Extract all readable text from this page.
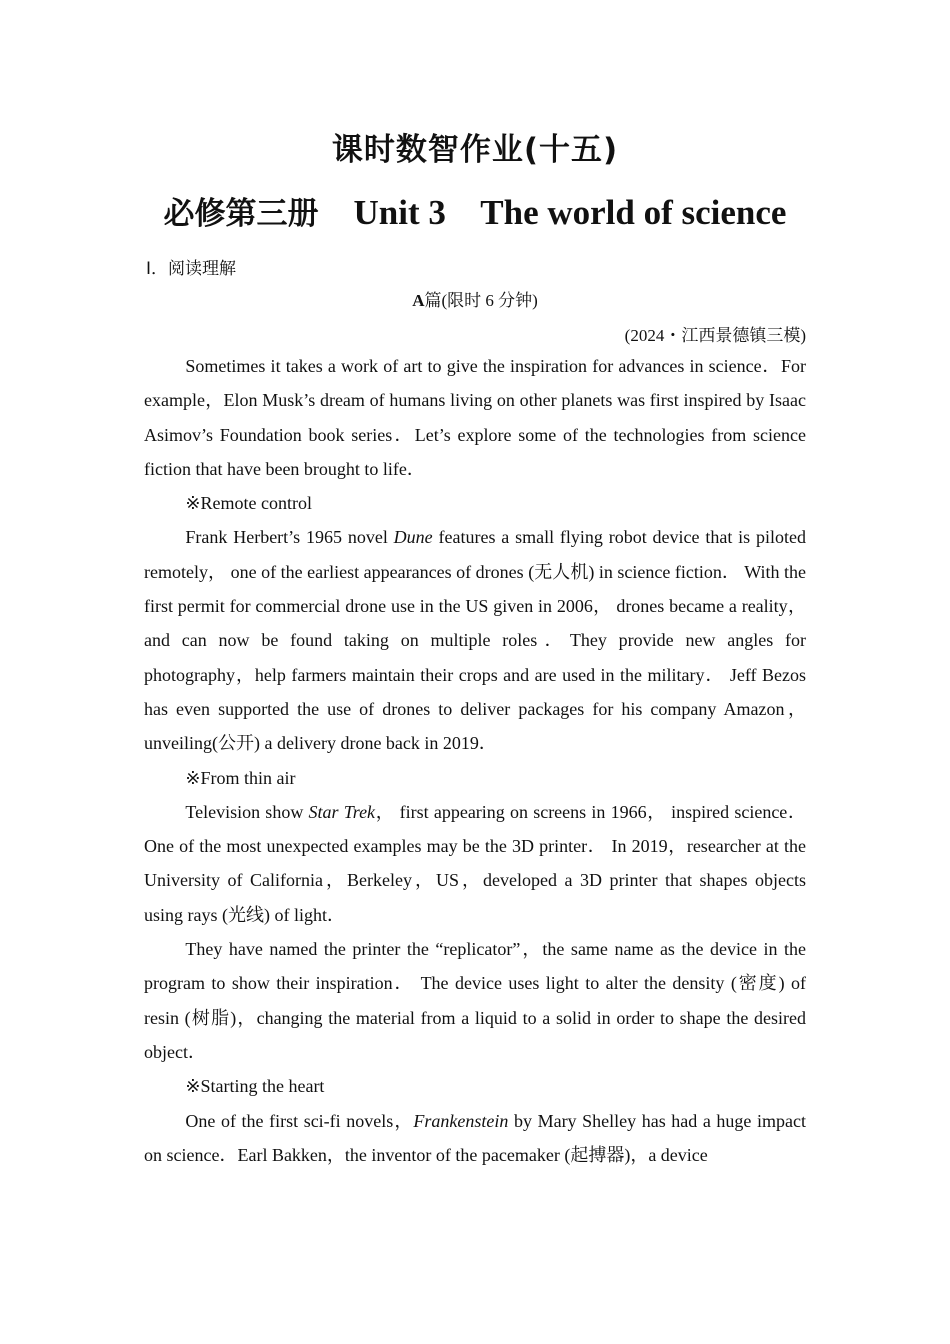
课时数智作业(十五)
必修第三册 Unit 3 The world of science
Ⅰ．阅读理解
A篇(限时 6 分钟)
(2024・江西景德镇三模)

Sometimes it takes a work of art to give the inspiration for advances in science．For example，Elon Musk’s dream of humans living on other planets was first inspired by Isaac Asimov’s Foundation book series．Let’s explore some of the technologies from science fiction that have been brought to life．

※Remote control

Frank Herbert’s 1965 novel Dune features a small flying robot device that is piloted remotely， one of the earliest appearances of drones (无人机) in science fiction． With the first permit for commercial drone use in the US given in 2006， drones became a reality， and can now be found taking on multiple roles．They provide new angles for photography，help farmers maintain their crops and are used in the military． Jeff Bezos has even supported the use of drones to deliver packages for his company Amazon，unveiling(公开) a delivery drone back in 2019．

※From thin air

Television show Star Trek， first appearing on screens in 1966， inspired science． One of the most unexpected examples may be the 3D printer． In 2019，researcher at the University of California，Berkeley，US，developed a 3D printer that shapes objects using rays (光线) of light．

They have named the printer the “replicator”，the same name as the device in the program to show their inspiration． The device uses light to alter the density (密度) of resin (树脂)，changing the material from a liquid to a solid in order to shape the desired object．

※Starting the heart

One of the first sci-fi novels，Frankenstein by Mary Shelley has had a huge impact on science．Earl Bakken，the inventor of the pacemaker (起搏器)，a device
